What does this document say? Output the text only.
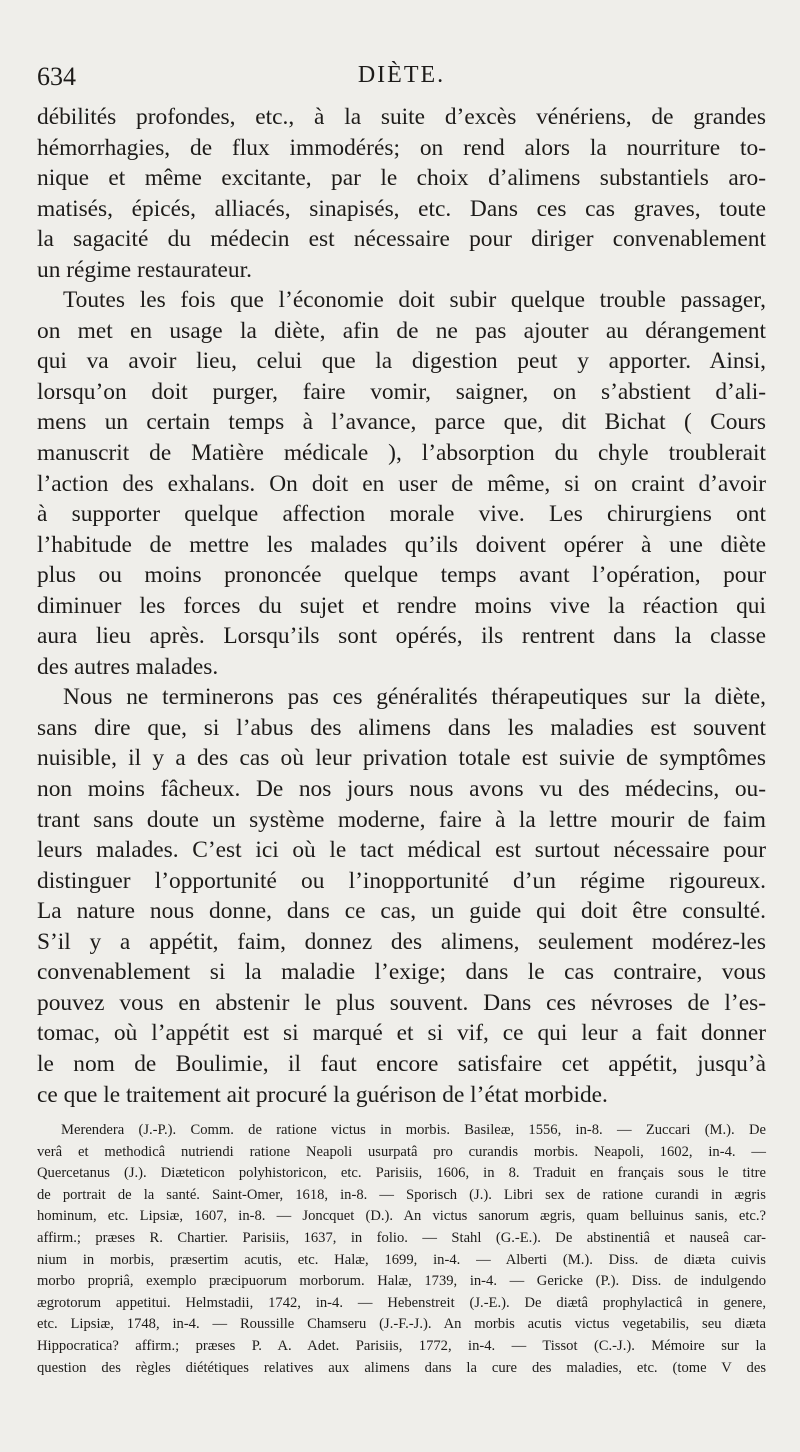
634	DIÈTE.
débilités profondes, etc., à la suite d’excès vénériens, de grandes
hémorrhagies, de flux immodérés; on rend alors la nourriture to-
nique et même excitante, par le choix d’alimens substantiels aro-
matisés, épicés, alliacés, sinapisés, etc. Dans ces cas graves, toute
la sagacité du médecin est nécessaire pour diriger convenablement
un régime restaurateur.
Toutes les fois que l’économie doit subir quelque trouble passager,
on met en usage la diète, afin de ne pas ajouter au dérangement
qui va avoir lieu, celui que la digestion peut y apporter. Ainsi,
lorsqu’on doit purger, faire vomir, saigner, on s’abstient d’ali-
mens un certain temps à l’avance, parce que, dit Bichat ( Cours
manuscrit de Matière médicale ), l’absorption du chyle troublerait
l’action des exhalans. On doit en user de même, si on craint d’avoir
à supporter quelque affection morale vive. Les chirurgiens ont
l’habitude de mettre les malades qu’ils doivent opérer à une diète
plus ou moins prononcée quelque temps avant l’opération, pour
diminuer les forces du sujet et rendre moins vive la réaction qui
aura lieu après. Lorsqu’ils sont opérés, ils rentrent dans la classe
des autres malades.
Nous ne terminerons pas ces généralités thérapeutiques sur la diète,
sans dire que, si l’abus des alimens dans les maladies est souvent
nuisible, il y a des cas où leur privation totale est suivie de symptômes
non moins fâcheux. De nos jours nous avons vu des médecins, ou-
trant sans doute un système moderne, faire à la lettre mourir de faim
leurs malades. C’est ici où le tact médical est surtout nécessaire pour
distinguer l’opportunité ou l’inopportunité d’un régime rigoureux.
La nature nous donne, dans ce cas, un guide qui doit être consulté.
S’il y a appétit, faim, donnez des alimens, seulement modérez-les
convenablement si la maladie l’exige; dans le cas contraire, vous
pouvez vous en abstenir le plus souvent. Dans ces névroses de l’es-
tomac, où l’appétit est si marqué et si vif, ce qui leur a fait donner
le nom de Boulimie, il faut encore satisfaire cet appétit, jusqu’à
ce que le traitement ait procuré la guérison de l’état morbide.
Merendera (J.-P.). Comm. de ratione victus in morbis. Basileæ, 1556, in-8. — Zuccari (M.). De
verâ et methodicâ nutriendi ratione Neapoli usurpatâ pro curandis morbis. Neapoli, 1602, in-4. —
Quercetanus (J.). Diæteticon polyhistoricon, etc. Parisiis, 1606, in 8. Traduit en français sous le titre
de portrait de la santé. Saint-Omer, 1618, in-8. — Sporisch (J.). Libri sex de ratione curandi in ægris
hominum, etc. Lipsiæ, 1607, in-8. — Joncquet (D.). An victus sanorum ægris, quam belluinus sanis, etc.?
affirm.; præses R. Chartier. Parisiis, 1637, in folio. — Stahl (G.-E.). De abstinentiâ et nauseâ car-
nium in morbis, præsertim acutis, etc. Halæ, 1699, in-4. — Alberti (M.). Diss. de diæta cuivis
morbo propriâ, exemplo præcipuorum morborum. Halæ, 1739, in-4. — Gericke (P.). Diss. de indulgendo
ægrotorum appetitui. Helmstadii, 1742, in-4. — Hebenstreit (J.-E.). De diætâ prophylacticâ in genere,
etc. Lipsiæ, 1748, in-4. — Roussille Chamseru (J.-F.-J.). An morbis acutis victus vegetabilis, seu diæta
Hippocratica? affirm.; præses P. A. Adet. Parisiis, 1772, in-4. — Tissot (C.-J.). Mémoire sur la
question des règles diététiques relatives aux alimens dans la cure des maladies, etc. (tome V des
